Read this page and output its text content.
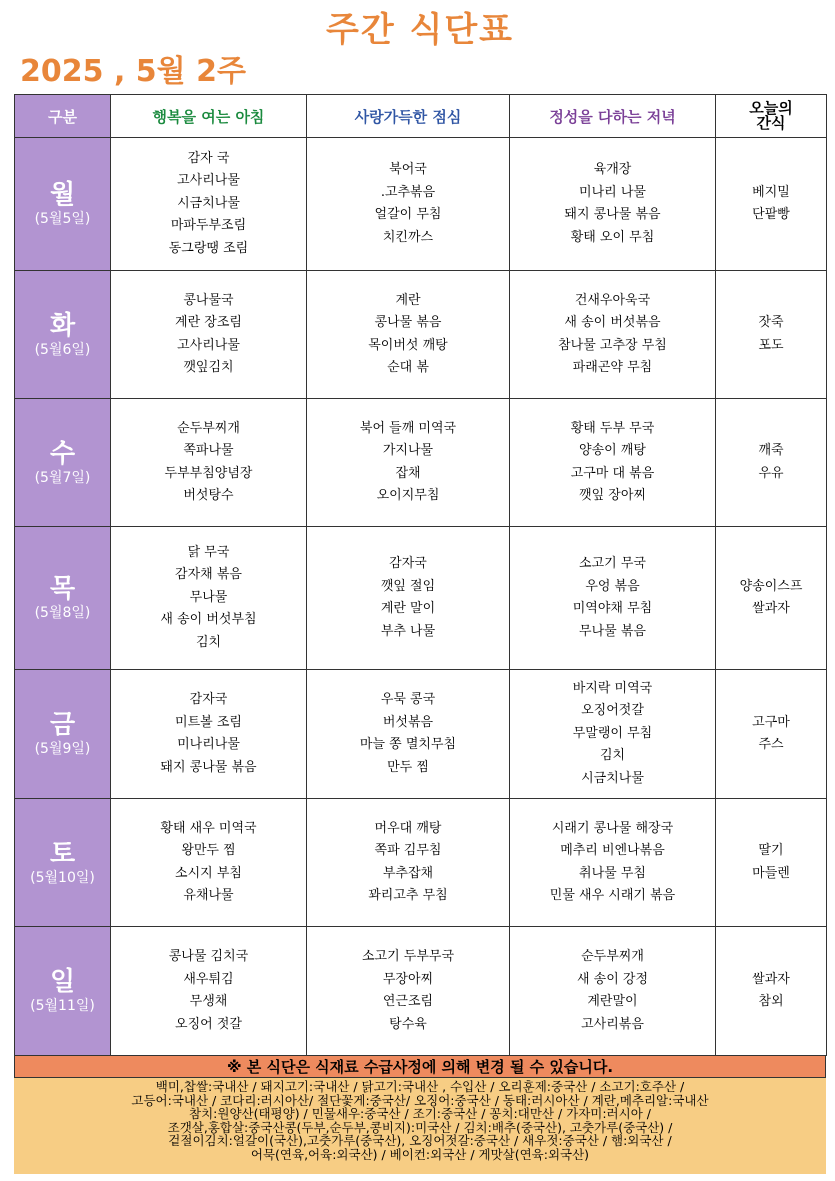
주간 식단표
2025 , 5월 2주
구분	행복을 여는 아침	사랑가득한 점심	정성을 다하는 저녁	오늘의
간식

월
(5월5일)	감자 국
고사리나물
시금치나물
마파두부조림
동그랑땡 조림	북어국
.고추볶음
얼갈이 무침
치킨까스	육개장
미나리 나물
돼지 콩나물 볶음
황태 오이 무침	베지밀
단팥빵

화
(5월6일)	콩나물국
계란 장조림
고사리나물
깻잎김치	계란
콩나물 볶음
목이버섯 깨탕
순대 볶	건새우아욱국
새 송이 버섯볶음
참나물 고추장 무침
파래곤약 무침	잣죽
포도

수
(5월7일)	순두부찌개
쪽파나물
두부부침양념장
버섯탕수	북어 들깨 미역국
가지나물
잡채
오이지무침	황태 두부 무국
양송이 깨탕
고구마 대 볶음
깻잎 장아찌	깨죽
우유

목
(5월8일)	닭 무국
감자채 볶음
무나물
새 송이 버섯부침
김치	감자국
깻잎 절임
계란 말이
부추 나물	소고기 무국
우엉 볶음
미역야채 무침
무나물 볶음	양송이스프
쌀과자

금
(5월9일)	감자국
미트볼 조림
미나리나물
돼지 콩나물 볶음	우묵 콩국
버섯볶음
마늘 쫑 멸치무침
만두 찜	바지락 미역국
오징어젓갈
무말랭이 무침
김치
시금치나물	고구마
주스

토
(5월10일)	황태 새우 미역국
왕만두 찜
소시지 부침
유채나물	머우대 깨탕
쪽파 김무침
부추잡채
꽈리고추 무침	시래기 콩나물 해장국
메추리 비엔나볶음
취나물 무침
민물 새우 시래기 볶음	딸기
마들렌

일
(5월11일)	콩나물 김치국
새우튀김
무생채
오징어 젓갈	소고기 두부무국
무장아찌
연근조림
탕수육	순두부찌개
새 송이 강정
계란말이
고사리볶음	쌀과자
참외
※ 본 식단은 식재료 수급사정에 의해 변경 될 수 있습니다.
백미,찹쌀:국내산 / 돼지고기:국내산 / 닭고기:국내산 , 수입산 / 오리훈제:중국산 / 소고기:호주산 /
고등어:국내산 / 코다리:러시아산/ 절단꽃게:중국산/ 오징어:중국산 / 동태:러시아산 / 계란,메추리알:국내산
참치:원양산(태평양) / 민물새우:중국산 / 조기:중국산 / 꽁치:대만산 / 가자미:러시아 /
조갯살,홍합살:중국산콩(두부,순두부,콩비지):미국산 / 김치:배추(중국산), 고춧가루(중국산) /
겉절이김치:얼갈이(국산),고춧가루(중국산), 오징어젓갈:중국산 / 새우젓:중국산 / 햄:외국산 /
어묵(연육,어육:외국산) / 베이컨:외국산 / 게맛살(연육:외국산)
